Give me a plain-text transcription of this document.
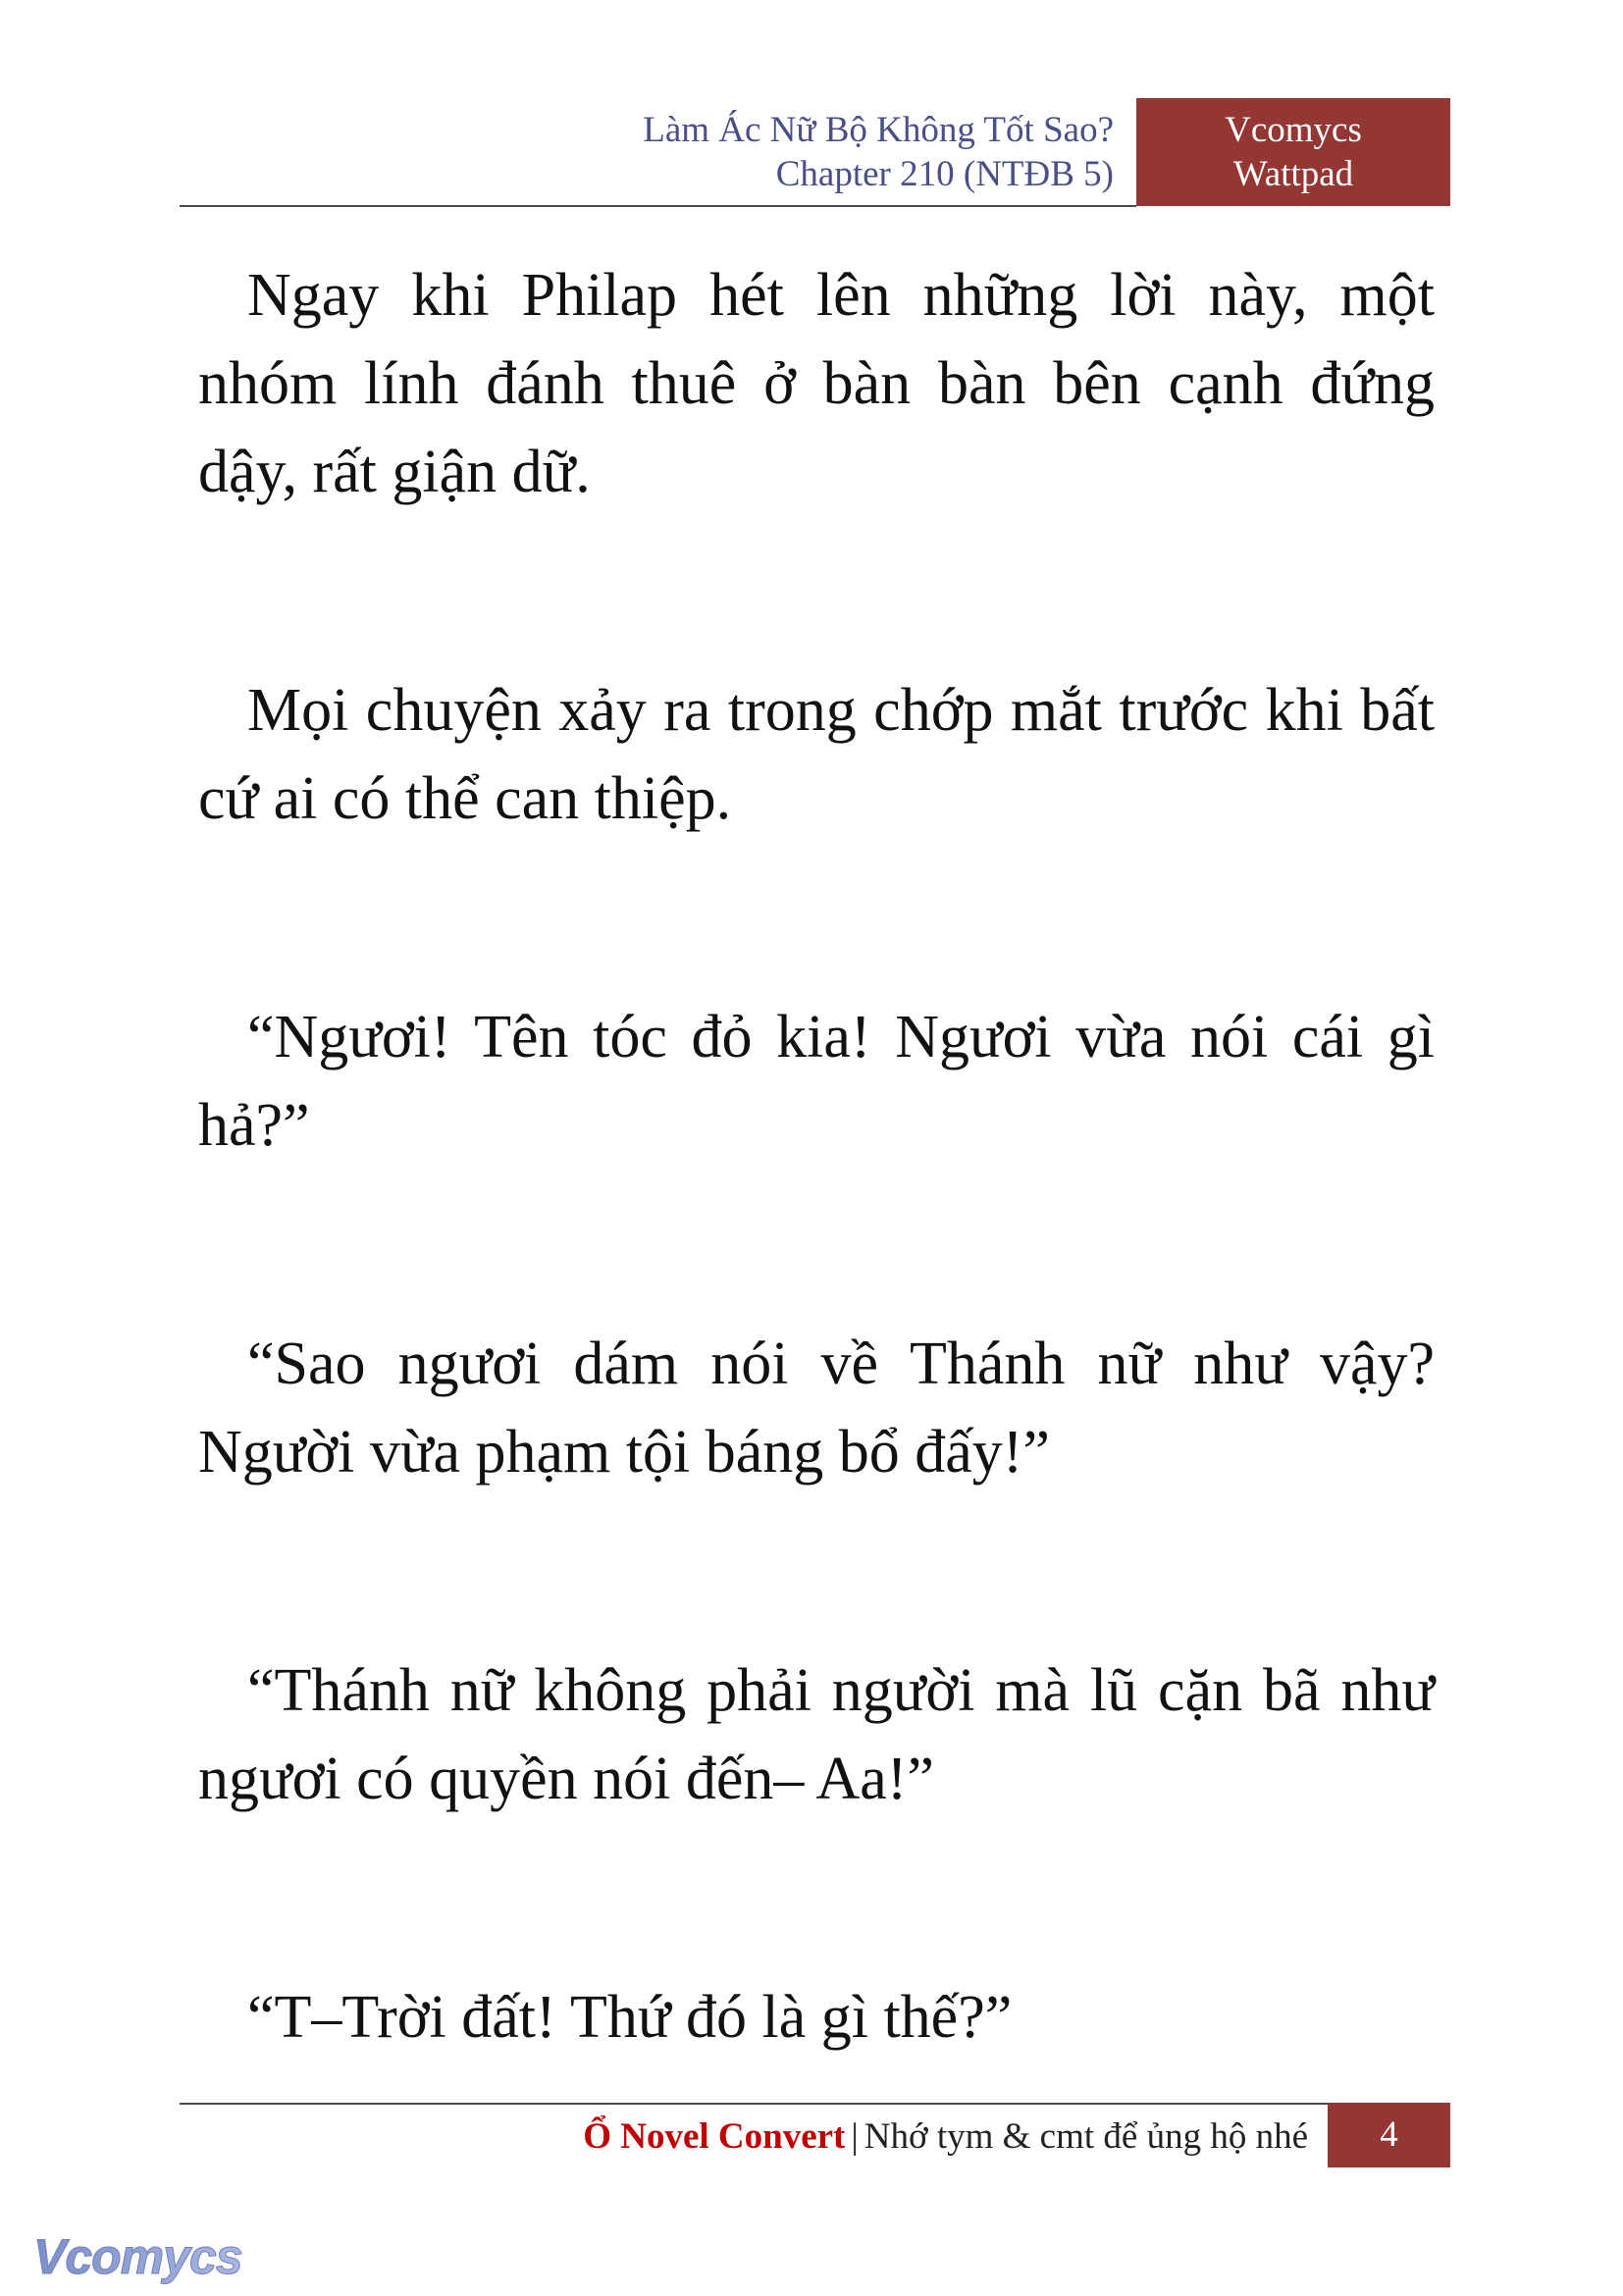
Làm Ác Nữ Bộ Không Tốt Sao?
Chapter 210 (NTĐB 5)
Vcomycs
Wattpad

Ngay khi Philap hét lên những lời này, một nhóm lính đánh thuê ở bàn bàn bên cạnh đứng dậy, rất giận dữ.

Mọi chuyện xảy ra trong chớp mắt trước khi bất cứ ai có thể can thiệp.

“Ngươi! Tên tóc đỏ kia! Ngươi vừa nói cái gì hả?”

“Sao ngươi dám nói về Thánh nữ như vậy? Người vừa phạm tội báng bổ đấy!”

“Thánh nữ không phải người mà lũ cặn bã như ngươi có quyền nói đến– Aa!”

“T–Trời đất! Thứ đó là gì thế?”

Ổ Novel Convert | Nhớ tym & cmt để ủng hộ nhé	4
Vcomycs
